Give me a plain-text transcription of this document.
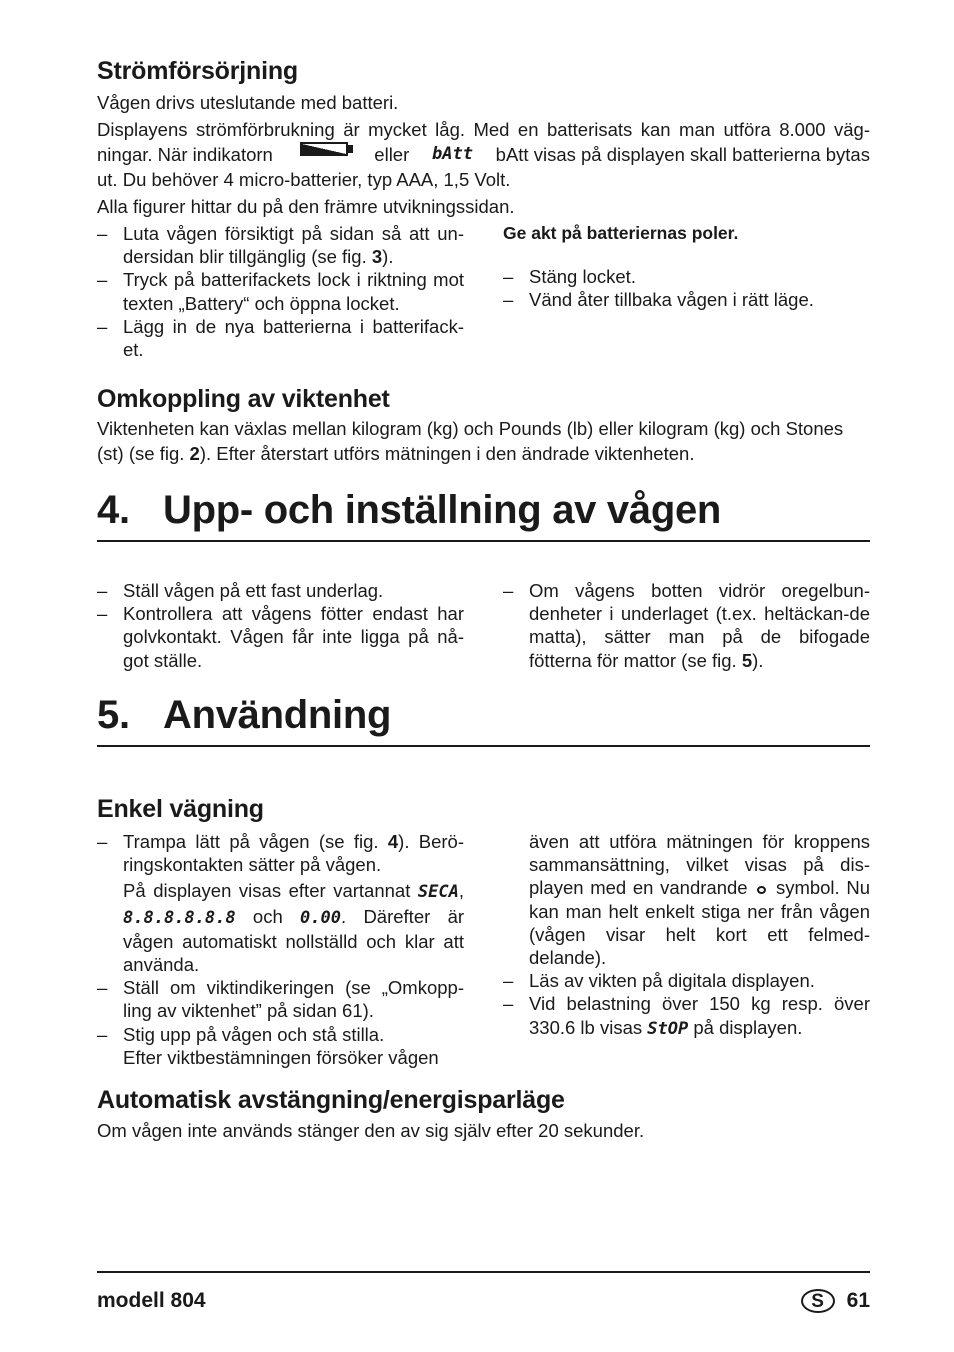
Strömförsörjning
Vågen drivs uteslutande med batteri.
Displayens strömförbrukning är mycket låg. Med en batterisats kan man utföra 8.000 väg-
ningar. När indikatorn	eller bAtt bAtt visas på displayen skall batterierna bytas
ut. Du behöver 4 micro-batterier, typ AAA, 1,5 Volt.
Alla figurer hittar du på den främre utvikningssidan.
– Luta vågen försiktigt på sidan så att un-dersidan blir tillgänglig (se fig. 3).
– Tryck på batterifackets lock i riktning mot texten „Battery“ och öppna locket.
– Lägg in de nya batterierna i batterifack-et.
Ge akt på batteriernas poler.
– Stäng locket.
– Vänd åter tillbaka vågen i rätt läge.
Omkoppling av viktenhet
Viktenheten kan växlas mellan kilogram (kg) och Pounds (lb) eller kilogram (kg) och Stones
(st) (se fig. 2). Efter återstart utförs mätningen i den ändrade viktenheten.
4. Upp- och inställning av vågen
– Ställ vågen på ett fast underlag.
– Kontrollera att vågens fötter endast har golvkontakt. Vågen får inte ligga på nå-got ställe.
– Om vågens botten vidrör oregelbun-denheter i underlaget (t.ex. heltäckan-de matta), sätter man på de bifogade fötterna för mattor (se fig. 5).
5. Användning
Enkel vägning
– Trampa lätt på vågen (se fig. 4). Berö-ringskontakten sätter på vågen.
På displayen visas efter vartannat SECA, 8.8.8.8.8.8 och 0.00. Därefter är vågen automatiskt nollställd och klar att använda.
– Ställ om viktindikeringen (se „Omkopp-ling av viktenhet” på sidan 61).
– Stig upp på vågen och stå stilla.
Efter viktbestämningen försöker vågen
även att utföra mätningen för kroppens sammansättning, vilket visas på dis-playen med en vandrande symbol. Nu kan man helt enkelt stiga ner från vågen (vågen visar helt kort ett felmed-delande).
– Läs av vikten på digitala displayen.
– Vid belastning över 150 kg resp. över 330.6 lb visas StOP på displayen.
Automatisk avstängning/energisparläge
Om vågen inte används stänger den av sig själv efter 20 sekunder.
modell 804	S	61
